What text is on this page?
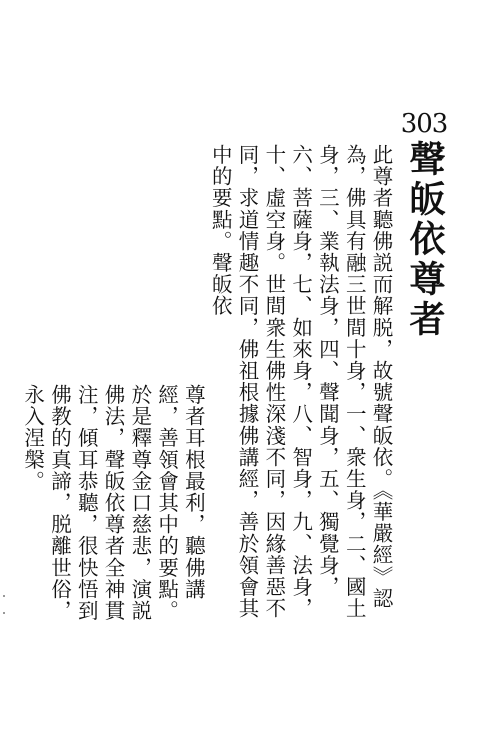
303
聲皈依尊者

此尊者聽佛説而解脱，故號聲皈依。《華嚴經》認為，佛具有融三世間十身，一、衆生身，二、國土身，三、業執法身，四、聲聞身，五、獨覺身，六、菩薩身，七、如來身，八、智身，九、法身，十、虛空身。世間衆生佛性深淺不同，因緣善惡不同，求道情趣不同，佛祖根據佛講經，善於領會其中的要點。聲皈依

尊者耳根最利，聽佛講經，善領會其中的要點。於是釋尊金口慈悲，演説佛法，聲皈依尊者全神貫注，傾耳恭聽，很快悟到佛教的真諦，脱離世俗，永入涅槃。
